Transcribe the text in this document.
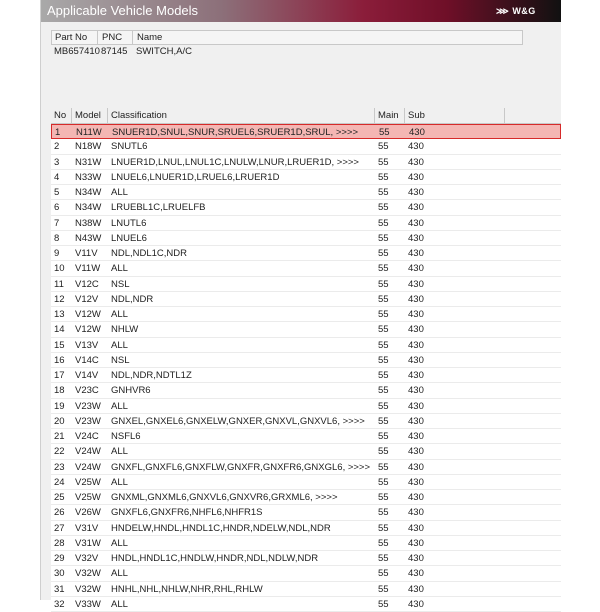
Applicable Vehicle Models	⋙ W&G
Part No	PNC	Name
MB657410 87145 SWITCH,A/C
No Model	Classification	Main Sub
1	N11W	SNUER1D,SNUL,SNUR,SRUEL6,SRUER1D,SRUL, >>>>	55	430
2	N18W	SNUTL6	55	430
3	N31W	LNUER1D,LNUL,LNUL1C,LNULW,LNUR,LRUER1D, >>>>	55	430
4	N33W	LNUEL6,LNUER1D,LRUEL6,LRUER1D	55	430
5	N34W	ALL	55	430
6	N34W	LRUEBL1C,LRUELFB	55	430
7	N38W	LNUTL6	55	430
8	N43W	LNUEL6	55	430
9	V11V	NDL,NDL1C,NDR	55	430
10	V11W	ALL	55	430
11	V12C	NSL	55	430
12	V12V	NDL,NDR	55	430
13	V12W	ALL	55	430
14	V12W	NHLW	55	430
15	V13V	ALL	55	430
16	V14C	NSL	55	430
17	V14V	NDL,NDR,NDTL1Z	55	430
18	V23C	GNHVR6	55	430
19	V23W	ALL	55	430
20	V23W	GNXEL,GNXEL6,GNXELW,GNXER,GNXVL,GNXVL6, >>>>	55	430
21	V24C	NSFL6	55	430
22	V24W	ALL	55	430
23	V24W	GNXFL,GNXFL6,GNXFLW,GNXFR,GNXFR6,GNXGL6, >>>> 55	430
24	V25W	ALL	55	430
25	V25W	GNXML,GNXML6,GNXVL6,GNXVR6,GRXML6, >>>>	55	430
26	V26W	GNXFL6,GNXFR6,NHFL6,NHFR1S	55	430
27	V31V	HNDELW,HNDL,HNDL1C,HNDR,NDELW,NDL,NDR	55	430
28	V31W	ALL	55	430
29	V32V	HNDL,HNDL1C,HNDLW,HNDR,NDL,NDLW,NDR	55	430
30	V32W	ALL	55	430
31	V32W	HNHL,NHL,NHLW,NHR,RHL,RHLW	55	430
32	V33W	ALL	55	430
